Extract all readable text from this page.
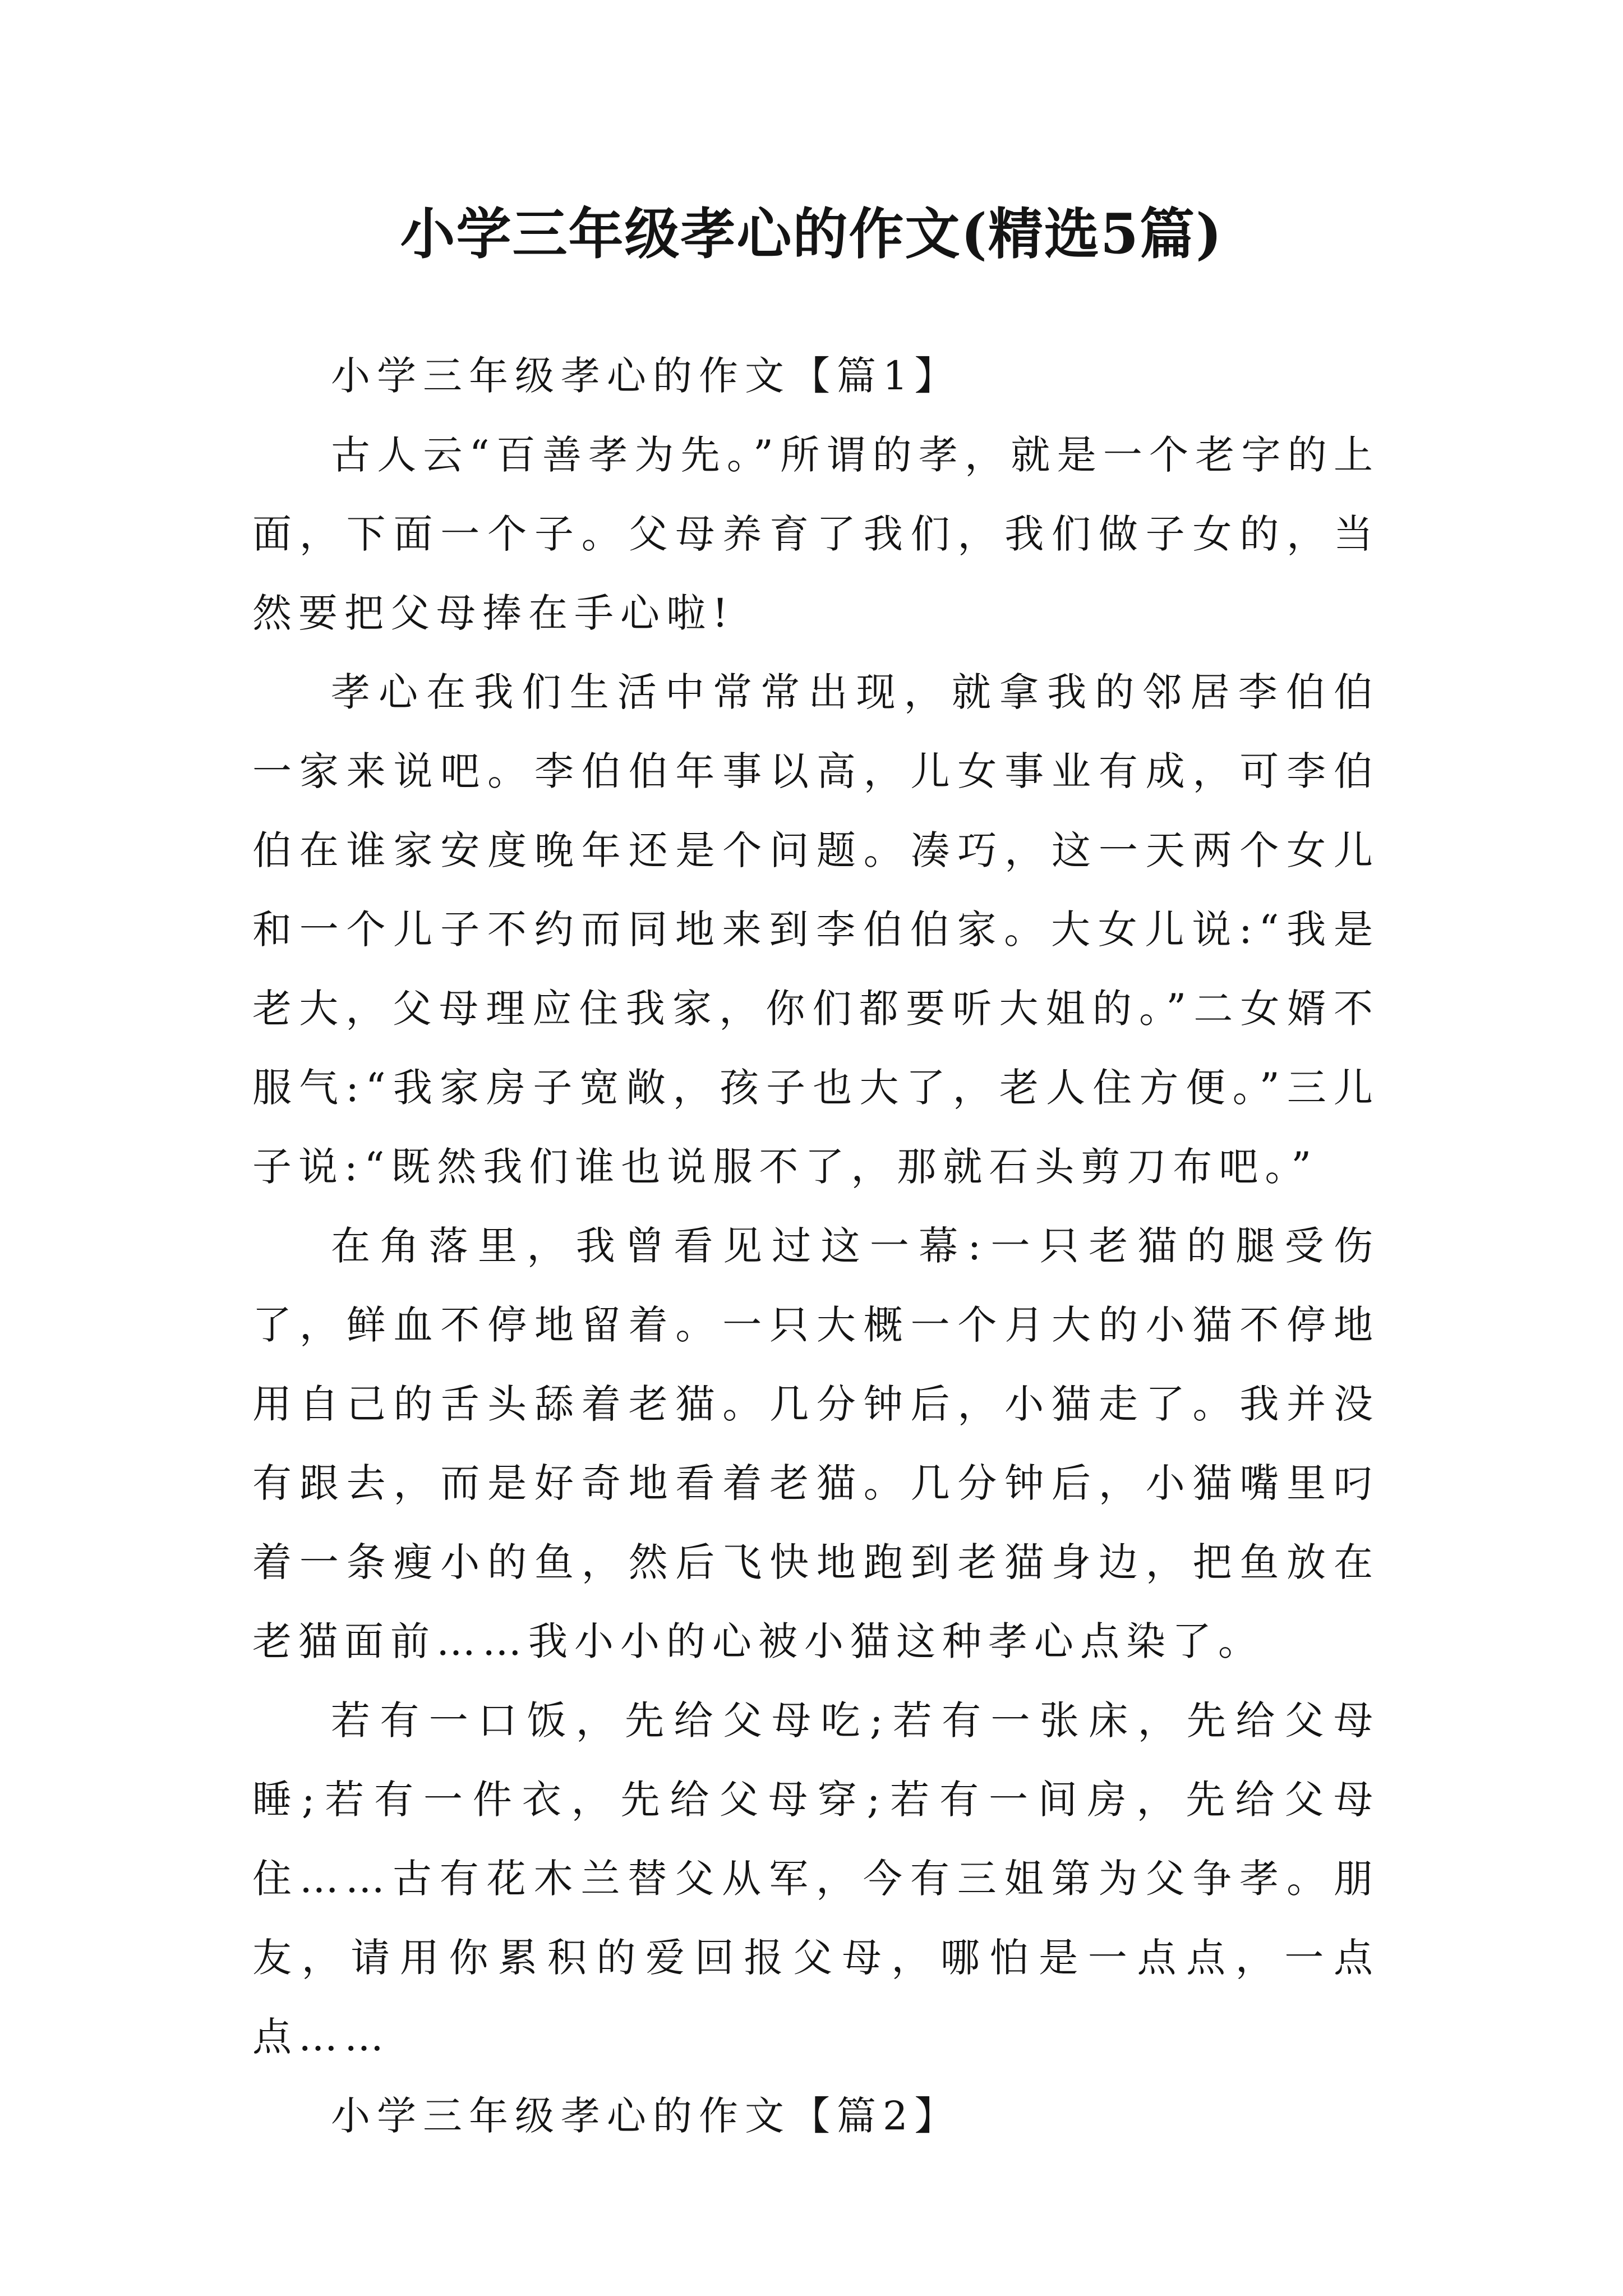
小学三年级孝心的作文(精选5篇)

小学三年级孝心的作文【篇1】

古人云“百善孝为先。”所谓的孝，就是一个老字的上面，下面一个子。父母养育了我们，我们做子女的，当然要把父母捧在手心啦!

孝心在我们生活中常常出现，就拿我的邻居李伯伯一家来说吧。李伯伯年事以高，儿女事业有成，可李伯伯在谁家安度晚年还是个问题。凑巧，这一天两个女儿和一个儿子不约而同地来到李伯伯家。大女儿说:“我是老大，父母理应住我家，你们都要听大姐的。”二女婿不服气:“我家房子宽敞，孩子也大了，老人住方便。”三儿子说:“既然我们谁也说服不了，那就石头剪刀布吧。”

在角落里，我曾看见过这一幕:一只老猫的腿受伤了，鲜血不停地留着。一只大概一个月大的小猫不停地用自己的舌头舔着老猫。几分钟后，小猫走了。我并没有跟去，而是好奇地看着老猫。几分钟后，小猫嘴里叼着一条瘦小的鱼，然后飞快地跑到老猫身边，把鱼放在老猫面前……我小小的心被小猫这种孝心点染了。

若有一口饭，先给父母吃;若有一张床，先给父母睡;若有一件衣，先给父母穿;若有一间房，先给父母住……古有花木兰替父从军，今有三姐第为父争孝。朋友，请用你累积的爱回报父母，哪怕是一点点，一点点……

小学三年级孝心的作文【篇2】
